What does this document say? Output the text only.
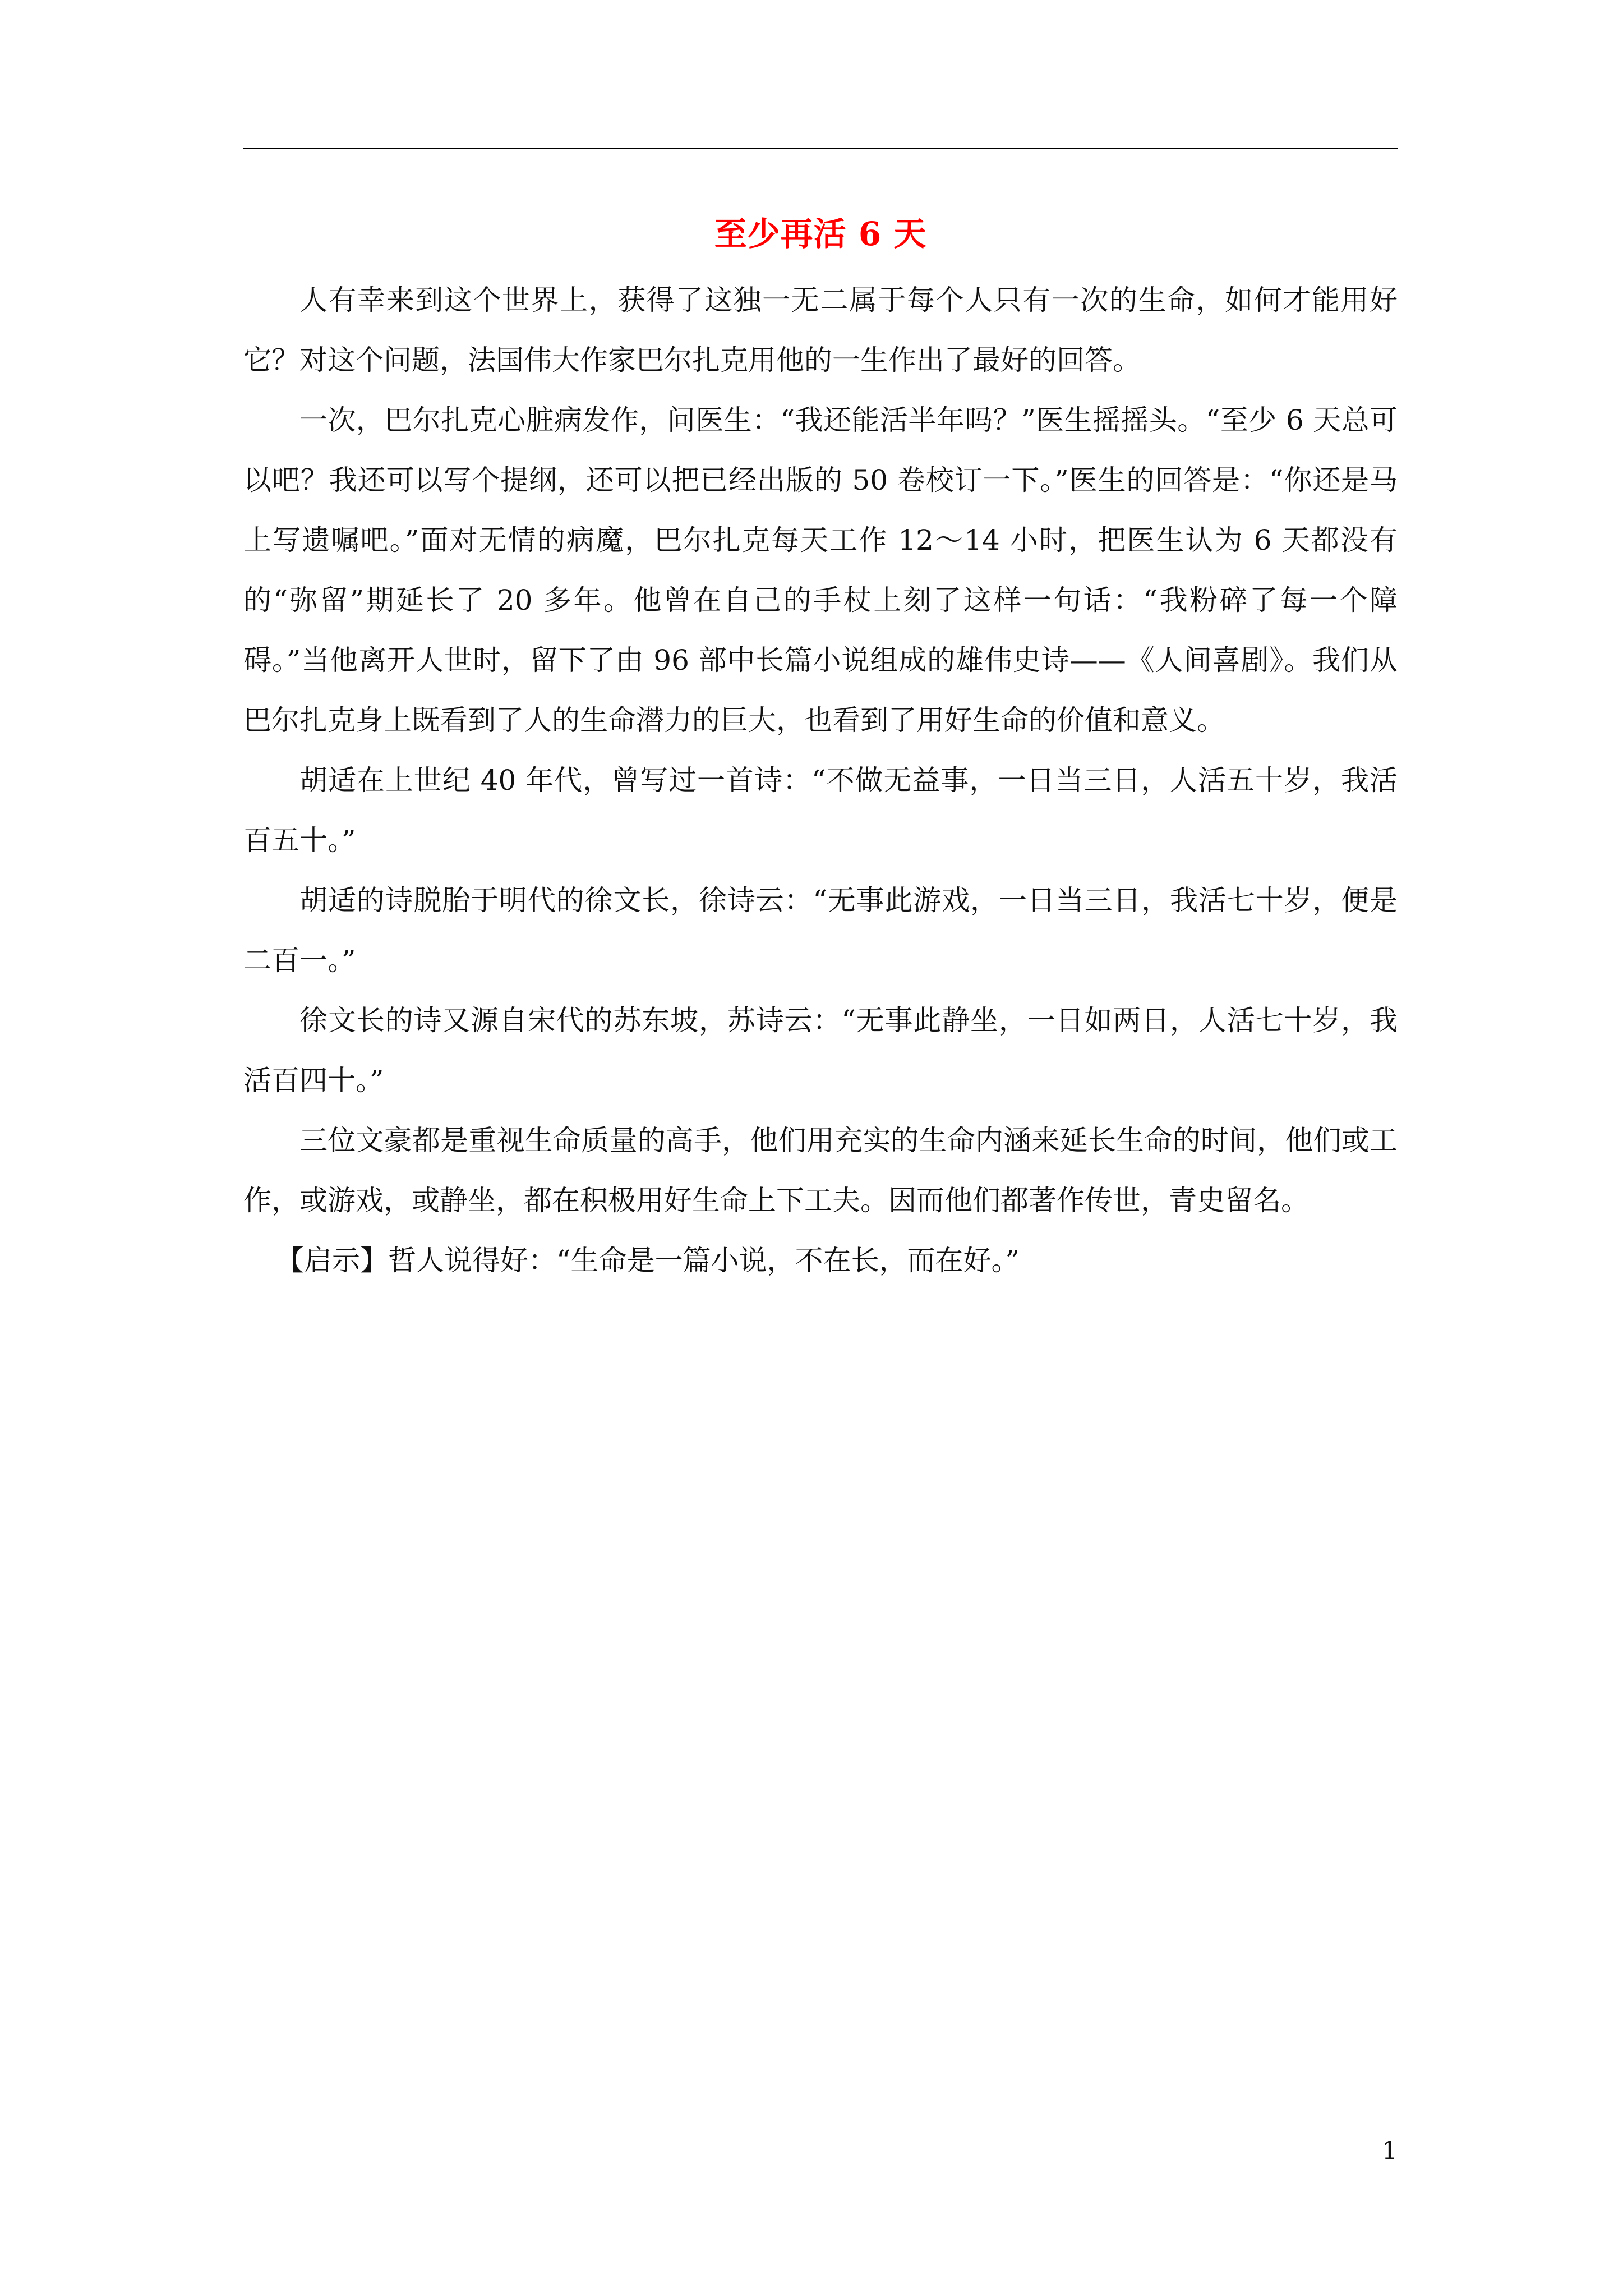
至少再活 6 天

人有幸来到这个世界上，获得了这独一无二属于每个人只有一次的生命，如何才能用好它？对这个问题，法国伟大作家巴尔扎克用他的一生作出了最好的回答。

一次，巴尔扎克心脏病发作，问医生：“我还能活半年吗？”医生摇摇头。“至少 6 天总可以吧？我还可以写个提纲，还可以把已经出版的 50 卷校订一下。”医生的回答是：“你还是马上写遗嘱吧。”面对无情的病魔，巴尔扎克每天工作 12～14 小时，把医生认为 6 天都没有的“弥留”期延长了 20 多年。他曾在自己的手杖上刻了这样一句话：“我粉碎了每一个障碍。”当他离开人世时，留下了由 96 部中长篇小说组成的雄伟史诗——《人间喜剧》。我们从巴尔扎克身上既看到了人的生命潜力的巨大，也看到了用好生命的价值和意义。

胡适在上世纪 40 年代，曾写过一首诗：“不做无益事，一日当三日，人活五十岁，我活百五十。”

胡适的诗脱胎于明代的徐文长，徐诗云：“无事此游戏，一日当三日，我活七十岁，便是二百一。”

徐文长的诗又源自宋代的苏东坡，苏诗云：“无事此静坐，一日如两日，人活七十岁，我活百四十。”

三位文豪都是重视生命质量的高手，他们用充实的生命内涵来延长生命的时间，他们或工作，或游戏，或静坐，都在积极用好生命上下工夫。因而他们都著作传世，青史留名。

【启示】哲人说得好：“生命是一篇小说，不在长，而在好。”

1
